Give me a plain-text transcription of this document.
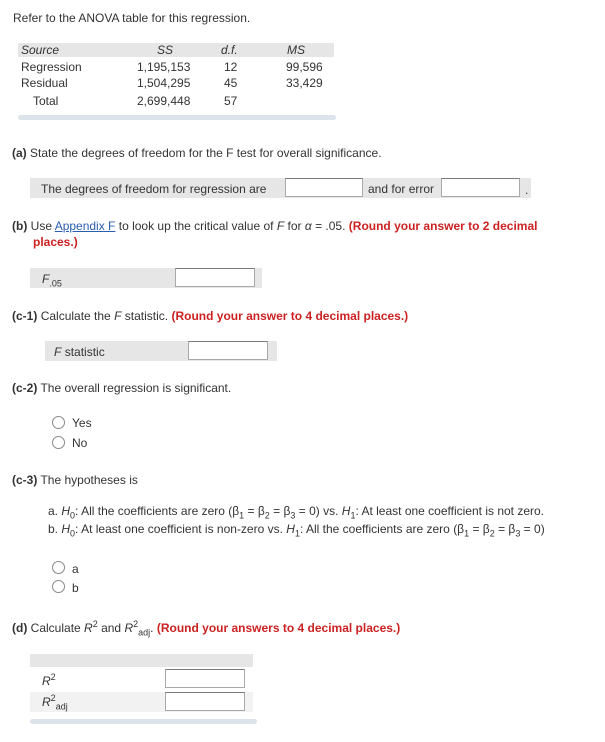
Refer to the ANOVA table for this regression.
Source	SS	d.f.	MS
Regression	1,195,153	12	99,596
Residual	1,504,295	45	33,429
Total	2,699,448	57
(a) State the degrees of freedom for the F test for overall significance.
The degrees of freedom for regression are	and for error	.
(b) Use Appendix F to look up the critical value of F for α = .05. (Round your answer to 2 decimal
places.)
$F_{.05}$
(c-1) Calculate the F statistic. (Round your answer to 4 decimal places.)
F statistic
(c-2) The overall regression is significant.
Yes
No
(c-3) The hypotheses is
a. $H_0$: All the coefficients are zero $(\beta_1 = \beta_2 = \beta_3 = 0)$ vs. $H_1$: At least one coefficient is not zero.
b. $H_0$: At least one coefficient is non-zero vs. $H_1$: All the coefficients are zero $(\beta_1 = \beta_2 = \beta_3 = 0)$
a
b
(d) Calculate $R^2$ and $R^2_{adj}$. (Round your answers to 4 decimal places.)
$R^2$
$R^2_{adj}$
